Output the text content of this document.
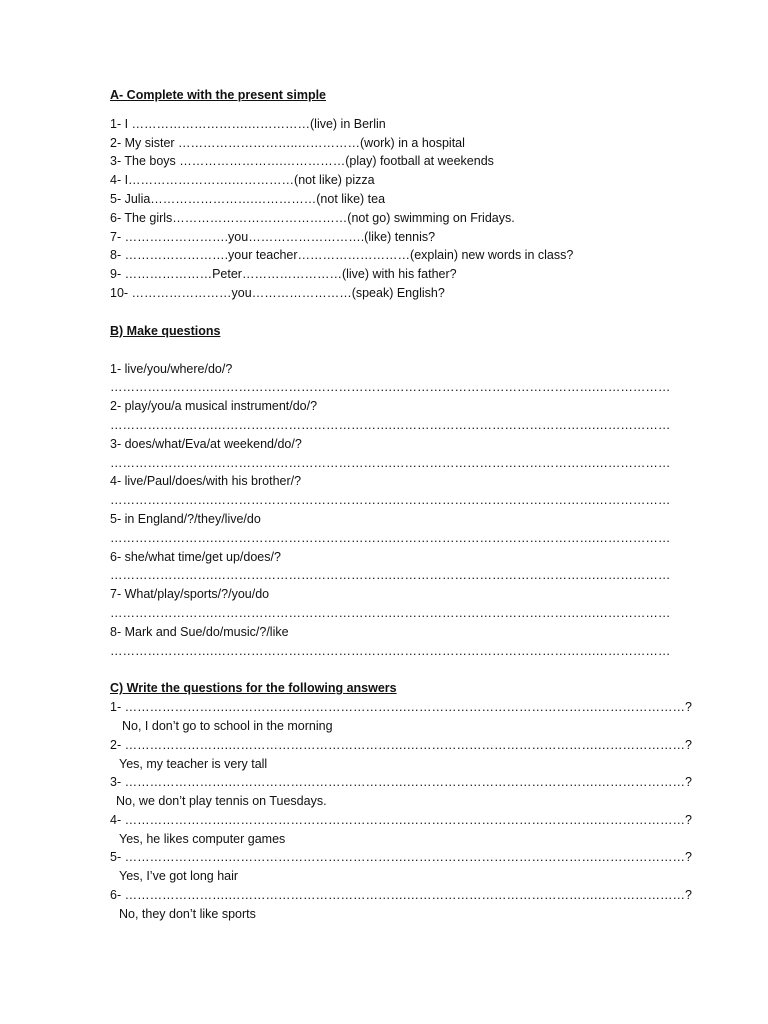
A- Complete with the present simple
1- I ……………………….……………(live) in Berlin
2- My sister ………………………..……………(work) in a hospital
3- The boys …………………….……………(play) football at weekends
4- I…………………….……………(not like) pizza
5- Julia…………………….……………(not like) tea
6- The girls……………………………………(not go) swimming on Fridays.
7- …………………….you……………………….(like) tennis?
8- …………………….your teacher………………………(explain) new words in class?
9- …………………Peter……………………(live) with his father?
10- ……………………you……………………(speak) English?
B) Make questions
1- live/you/where/do/?
…………………….…………………………………….………………………………………….………………
2- play/you/a musical instrument/do/?
…………………….…………………………………….………………………………………….………………
3- does/what/Eva/at weekend/do/?
…………………….…………………………………….………………………………………….………………
4- live/Paul/does/with his brother/?
…………………….…………………………………….………………………………………….………………
5- in England/?/they/live/do
…………………….…………………………………….………………………………………….………………
6- she/what time/get up/does/?
…………………….…………………………………….………………………………………….………………
7- What/play/sports/?/you/do
…………………….…………………………………….………………………………………….………………
8- Mark and Sue/do/music/?/like
…………………….…………………………………….………………………………………….………………
C) Write the questions for the following answers
1- …………………….…………………………………….……………………………………….…………………?
No, I don’t go to school in the morning
2- …………………….…………………………………….……………………………………….…………………?
Yes, my teacher is very tall
3- …………………….…………………………………….……………………………………….…………………?
No, we don’t play tennis on Tuesdays.
4- …………………….…………………………………….……………………………………….…………………?
Yes, he likes computer games
5- …………………….…………………………………….……………………………………….…………………?
Yes, I’ve got long hair
6- …………………….…………………………………….……………………………………….…………………?
No, they don’t like sports
